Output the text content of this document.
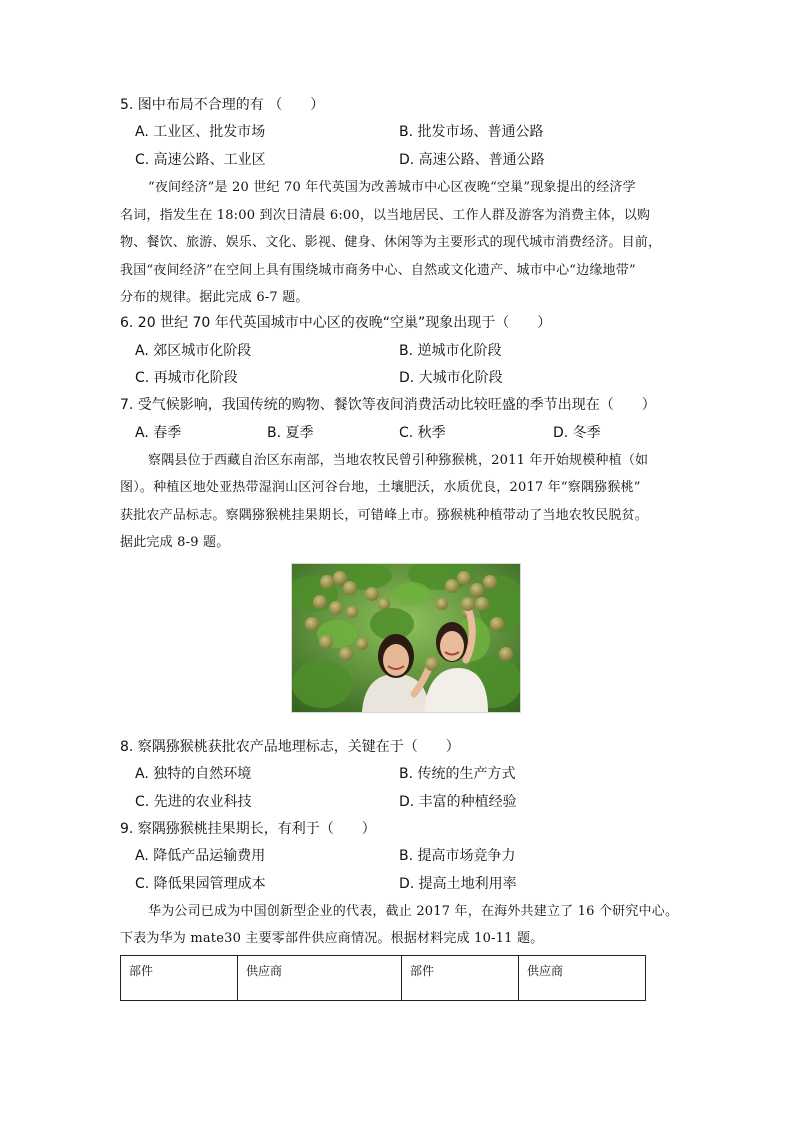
5. 图中布局不合理的有 （　　）
A. 工业区、批发市场	B. 批发市场、普通公路
C. 高速公路、工业区	D. 高速公路、普通公路
“夜间经济”是 20 世纪 70 年代英国为改善城市中心区夜晚“空巢”现象提出的经济学
名词，指发生在 18:00 到次日清晨 6:00，以当地居民、工作人群及游客为消费主体，以购
物、餐饮、旅游、娱乐、文化、影视、健身、休闲等为主要形式的现代城市消费经济。目前，
我国“夜间经济”在空间上具有围绕城市商务中心、自然或文化遗产、城市中心“边缘地带”
分布的规律。据此完成 6-7 题。
6. 20 世纪 70 年代英国城市中心区的夜晚“空巢”现象出现于（　　）
A. 郊区城市化阶段	B. 逆城市化阶段
C. 再城市化阶段	D. 大城市化阶段
7. 受气候影响，我国传统的购物、餐饮等夜间消费活动比较旺盛的季节出现在（　　）
A. 春季	B. 夏季	C. 秋季	D. 冬季
察隅县位于西藏自治区东南部，当地农牧民曾引种猕猴桃，2011 年开始规模种植（如
图）。种植区地处亚热带湿润山区河谷台地，土壤肥沃，水质优良，2017 年“察隅猕猴桃”
获批农产品标志。察隅猕猴桃挂果期长，可错峰上市。猕猴桃种植带动了当地农牧民脱贫。
据此完成 8-9 题。
8. 察隅猕猴桃获批农产品地理标志，关键在于（　　）
A. 独特的自然环境	B. 传统的生产方式
C. 先进的农业科技	D. 丰富的种植经验
9. 察隅猕猴桃挂果期长，有利于（　　）
A. 降低产品运输费用	B. 提高市场竞争力
C. 降低果园管理成本	D. 提高土地利用率
华为公司已成为中国创新型企业的代表，截止 2017 年，在海外共建立了 16 个研究中心。
下表为华为 mate30 主要零部件供应商情况。根据材料完成 10-11 题。
部件	供应商	部件	供应商
